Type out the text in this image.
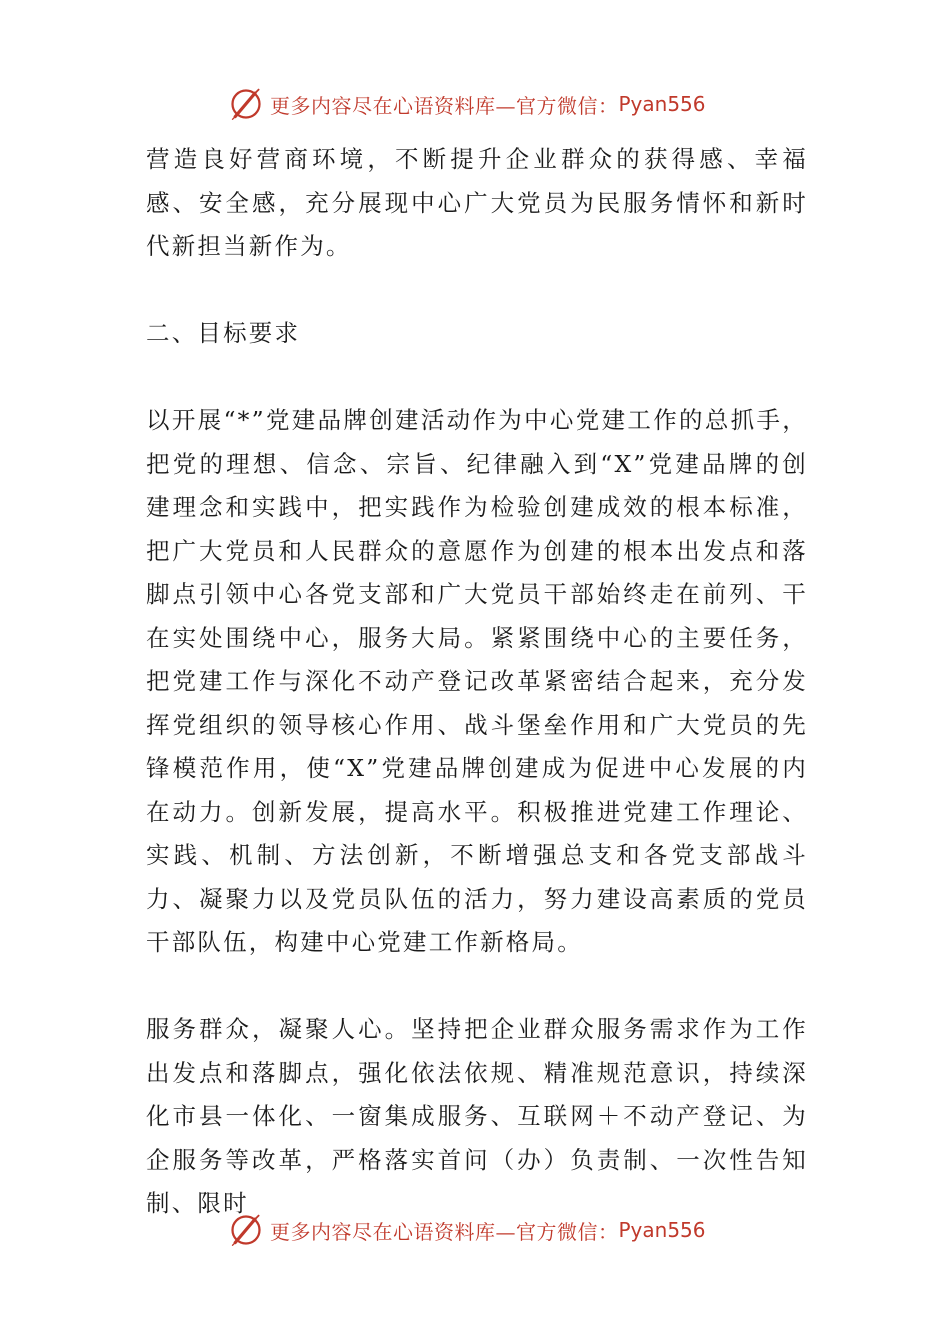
更多内容尽在心语资料库—官方微信： Pyan556

营造良好营商环境，不断提升企业群众的获得感、幸福感、安全感，充分展现中心广大党员为民服务情怀和新时代新担当新作为。

二、目标要求

以开展“*”党建品牌创建活动作为中心党建工作的总抓手，把党的理想、信念、宗旨、纪律融入到“X”党建品牌的创建理念和实践中，把实践作为检验创建成效的根本标准，把广大党员和人民群众的意愿作为创建的根本出发点和落脚点引领中心各党支部和广大党员干部始终走在前列、干在实处围绕中心，服务大局。紧紧围绕中心的主要任务，把党建工作与深化不动产登记改革紧密结合起来，充分发挥党组织的领导核心作用、战斗堡垒作用和广大党员的先锋模范作用，使“X”党建品牌创建成为促进中心发展的内在动力。创新发展，提高水平。积极推进党建工作理论、实践、机制、方法创新，不断增强总支和各党支部战斗力、凝聚力以及党员队伍的活力，努力建设高素质的党员干部队伍，构建中心党建工作新格局。

服务群众，凝聚人心。坚持把企业群众服务需求作为工作出发点和落脚点，强化依法依规、精准规范意识，持续深化市县一体化、一窗集成服务、互联网＋不动产登记、为企服务等改革，严格落实首问（办）负责制、一次性告知制、限时

更多内容尽在心语资料库—官方微信： Pyan556
